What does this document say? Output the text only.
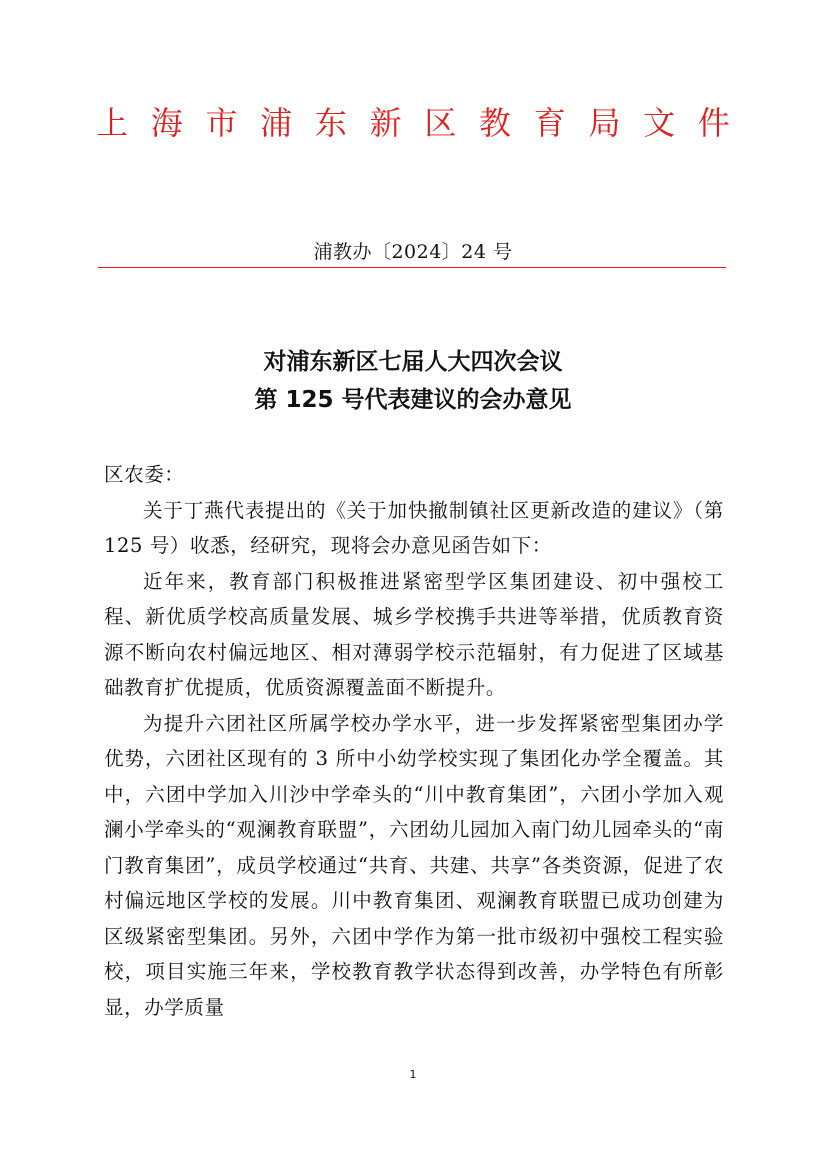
上 海 市 浦 东 新 区 教 育 局 文 件
浦教办〔2024〕24 号
对浦东新区七届人大四次会议
第 125 号代表建议的会办意见

区农委：

关于丁燕代表提出的《关于加快撤制镇社区更新改造的建议》（第 125 号）收悉，经研究，现将会办意见函告如下：

近年来，教育部门积极推进紧密型学区集团建设、初中强校工程、新优质学校高质量发展、城乡学校携手共进等举措，优质教育资源不断向农村偏远地区、相对薄弱学校示范辐射，有力促进了区域基础教育扩优提质，优质资源覆盖面不断提升。

为提升六团社区所属学校办学水平，进一步发挥紧密型集团办学优势，六团社区现有的 3 所中小幼学校实现了集团化办学全覆盖。其中，六团中学加入川沙中学牵头的“川中教育集团”，六团小学加入观澜小学牵头的“观澜教育联盟”，六团幼儿园加入南门幼儿园牵头的“南门教育集团”，成员学校通过“共育、共建、共享”各类资源，促进了农村偏远地区学校的发展。川中教育集团、观澜教育联盟已成功创建为区级紧密型集团。另外，六团中学作为第一批市级初中强校工程实验校，项目实施三年来，学校教育教学状态得到改善，办学特色有所彰显，办学质量

1
